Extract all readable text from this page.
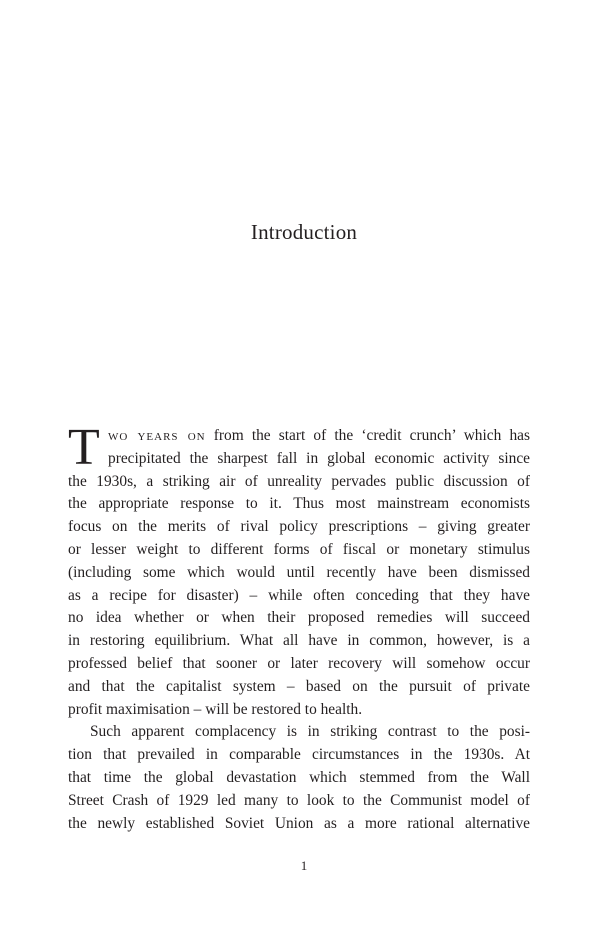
Introduction

T wo years on from the start of the ‘credit crunch’ which has
precipitated the sharpest fall in global economic activity since
the 1930s, a striking air of unreality pervades public discussion of
the appropriate response to it. Thus most mainstream economists
focus on the merits of rival policy prescriptions – giving greater
or lesser weight to different forms of fiscal or monetary stimulus
(including some which would until recently have been dismissed
as a recipe for disaster) – while often conceding that they have
no idea whether or when their proposed remedies will succeed
in restoring equilibrium. What all have in common, however, is a
professed belief that sooner or later recovery will somehow occur
and that the capitalist system – based on the pursuit of private
profit maximisation – will be restored to health.

Such apparent complacency is in striking contrast to the posi-
tion that prevailed in comparable circumstances in the 1930s. At
that time the global devastation which stemmed from the Wall
Street Crash of 1929 led many to look to the Communist model of
the newly established Soviet Union as a more rational alternative

1
